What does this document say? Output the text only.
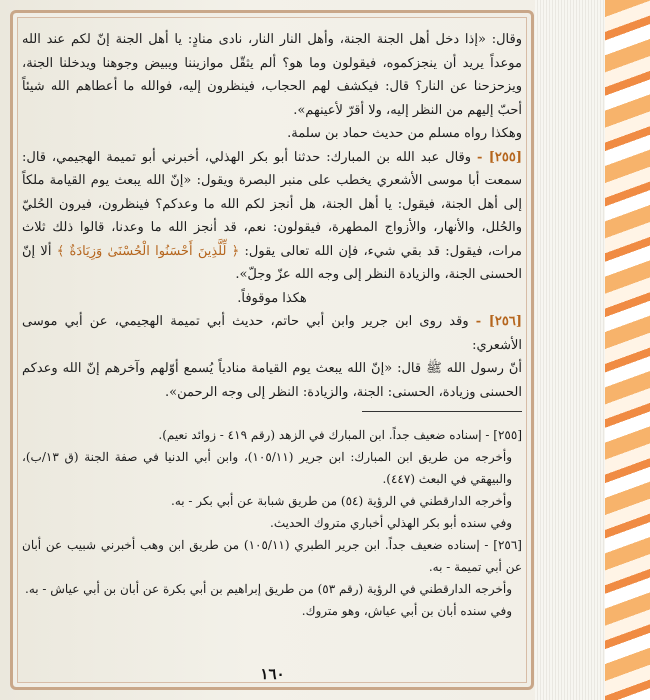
وقال: «إذا دخل أهل الجنة الجنة، وأهل النار النار، نادى منادٍ: يا أهل الجنة إنّ لكم عند الله موعداً يريد أن ينجزكموه، فيقولون وما هو؟ ألم يثقّل موازيننا ويبيض وجوهنا ويدخلنا الجنة، ويزحزحنا عن النار؟ قال: فيكشف لهم الحجاب، فينظرون إليه، فوالله ما أعطاهم الله شيئاً أحبّ إليهم من النظر إليه، ولا أقرّ لأعينهم».

وهكذا رواه مسلم من حديث حماد بن سلمة.

[٢٥٥] - وقال عبد الله بن المبارك: حدثنا أبو بكر الهذلي، أخبرني أبو تميمة الهجيمي، قال: سمعت أبا موسى الأشعري يخطب على منبر البصرة ويقول: «إنّ الله يبعث يوم القيامة ملكاً إلى أهل الجنة، فيقول: يا أهل الجنة، هل أنجز لكم الله ما وعدكم؟ فينظرون، فيرون الحُليّ والحُلل، والأنهار، والأزواج المطهرة، فيقولون: نعم، قد أنجز الله ما وعدنا، قالوا ذلك ثلاث مرات، فيقول: قد بقي شيء، فإن الله تعالى يقول: ﴿ لِّلَّذِينَ أَحْسَنُوا الْحُسْنَىٰ وَزِيَادَةٌ ﴾ ألا إنّ الحسنى الجنة، والزيادة النظر إلى وجه الله عزّ وجلّ».

هكذا موقوفاً.

[٢٥٦] - وقد روى ابن جرير وابن أبي حاتم، حديث أبي تميمة الهجيمي، عن أبي موسى الأشعري:

أنّ رسول الله ﷺ قال: «إنّ الله يبعث يوم القيامة منادياً يُسمع أوّلهم وآخرهم إنّ الله وعدكم الحسنى وزيادة، الحسنى: الجنة، والزيادة: النظر إلى وجه الرحمن».

[٢٥٥] - إسناده ضعيف جداً. ابن المبارك في الزهد (رقم ٤١٩ - زوائد نعيم).

وأخرجه من طريق ابن المبارك: ابن جرير (١٠٥/١١)، وابن أبي الدنيا في صفة الجنة (ق ١٣/ب)، والبيهقي في البعث (٤٤٧).

وأخرجه الدارقطني في الرؤية (٥٤) من طريق شبابة عن أبي بكر - به.

وفي سنده أبو بكر الهذلي أخباري متروك الحديث.

[٢٥٦] - إسناده ضعيف جداً. ابن جرير الطبري (١٠٥/١١) من طريق ابن وهب أخبرني شبيب عن أبان عن أبي تميمة - به.

وأخرجه الدارقطني في الرؤية (رقم ٥٣) من طريق إبراهيم بن أبي بكرة عن أبان بن أبي عياش - به.

وفي سنده أبان بن أبي عياش، وهو متروك.

١٦٠
